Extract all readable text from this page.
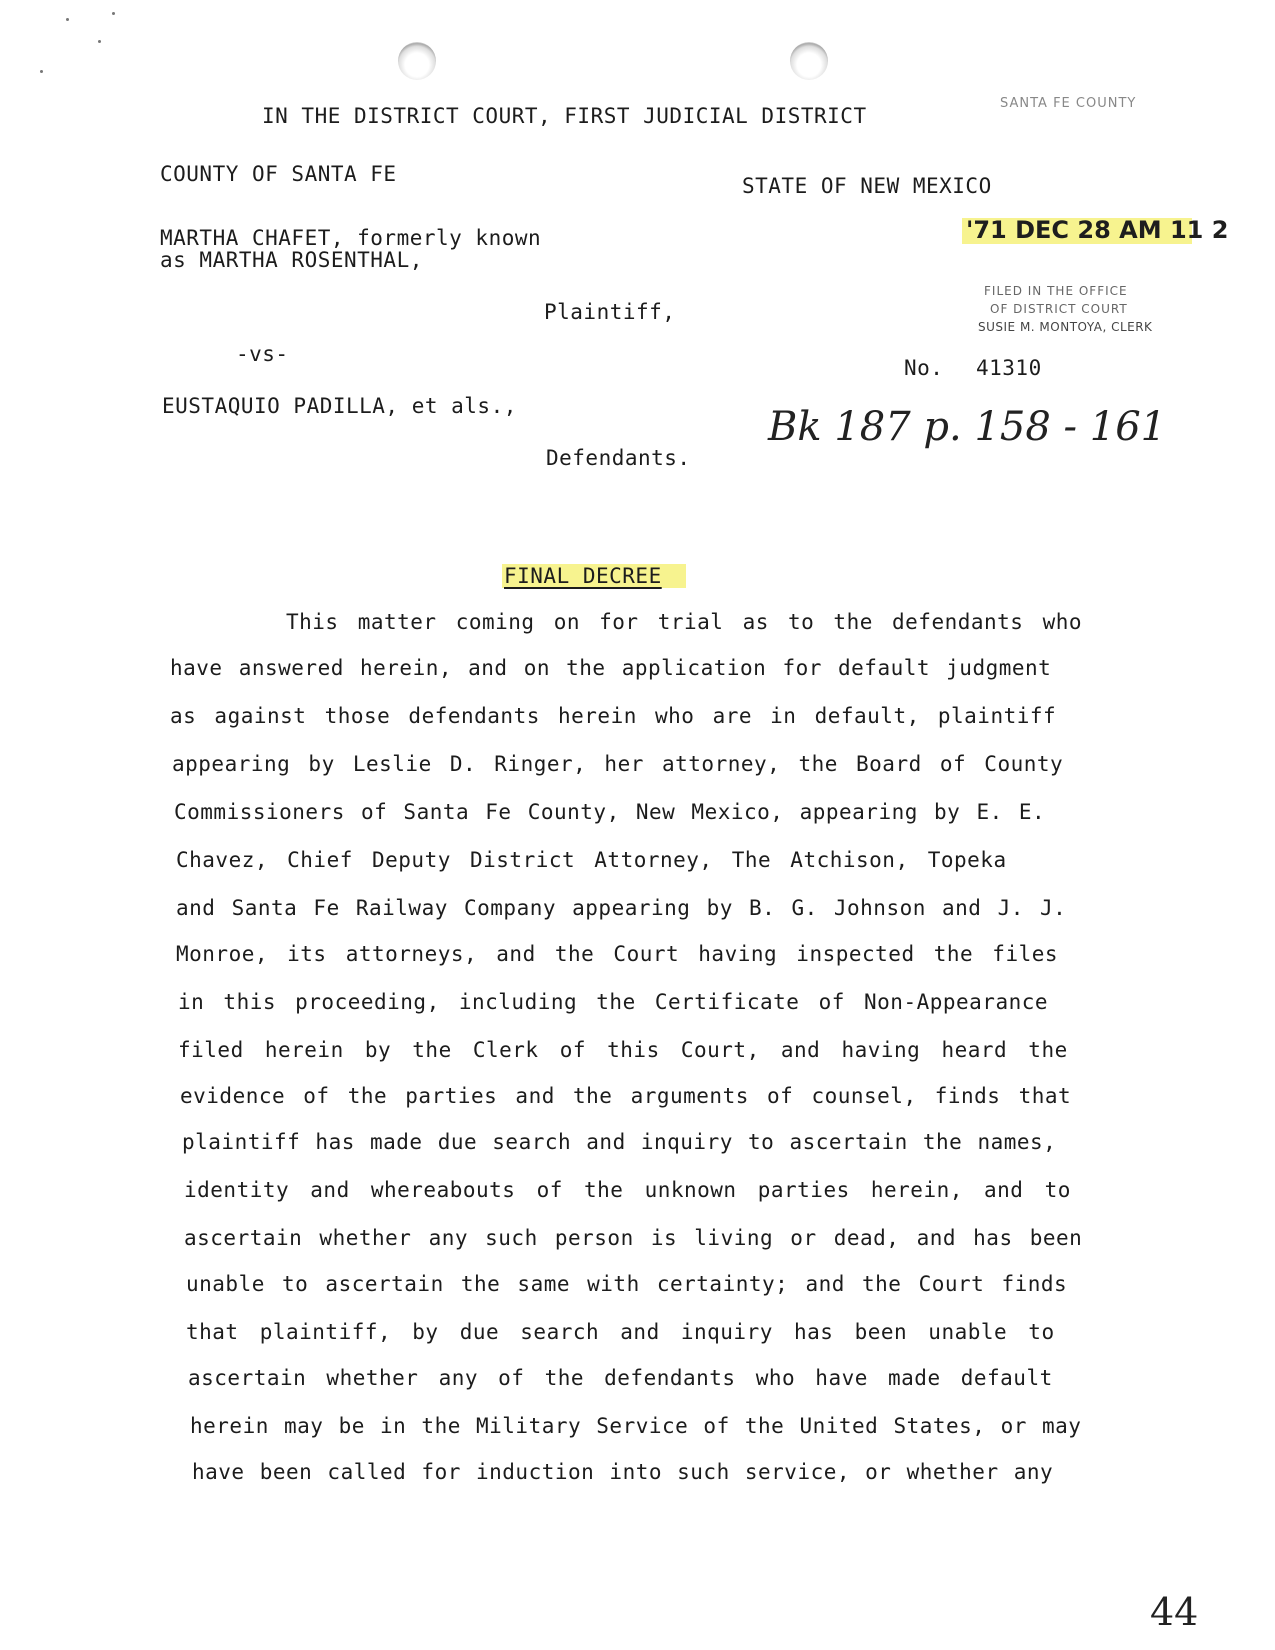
IN THE DISTRICT COURT, FIRST JUDICIAL DISTRICT
COUNTY OF SANTA FE	STATE OF NEW MEXICO
SANTA FE COUNTY
'71 DEC 28 AM 11 2
FILED IN THE OFFICE
OF DISTRICT COURT
SUSIE M. MONTOYA, CLERK
MARTHA CHAFET, formerly known
as MARTHA ROSENTHAL,
Plaintiff,
-vs-
No. 41310
EUSTAQUIO PADILLA, et als.,	Bk 187 p. 158 - 161
Defendants.
FINAL DECREE
This matter coming on for trial as to the defendants who
have answered herein, and on the application for default judgment
as against those defendants herein who are in default, plaintiff
appearing by Leslie D. Ringer, her attorney, the Board of County
Commissioners of Santa Fe County, New Mexico, appearing by E. E.
Chavez, Chief Deputy District Attorney, The Atchison, Topeka
and Santa Fe Railway Company appearing by B. G. Johnson and J. J.
Monroe, its attorneys, and the Court having inspected the files
in this proceeding, including the Certificate of Non-Appearance
filed herein by the Clerk of this Court, and having heard the
evidence of the parties and the arguments of counsel, finds that
plaintiff has made due search and inquiry to ascertain the names,
identity and whereabouts of the unknown parties herein, and to
ascertain whether any such person is living or dead, and has been
unable to ascertain the same with certainty; and the Court finds
that plaintiff, by due search and inquiry has been unable to
ascertain whether any of the defendants who have made default
herein may be in the Military Service of the United States, or may
have been called for induction into such service, or whether any
44
